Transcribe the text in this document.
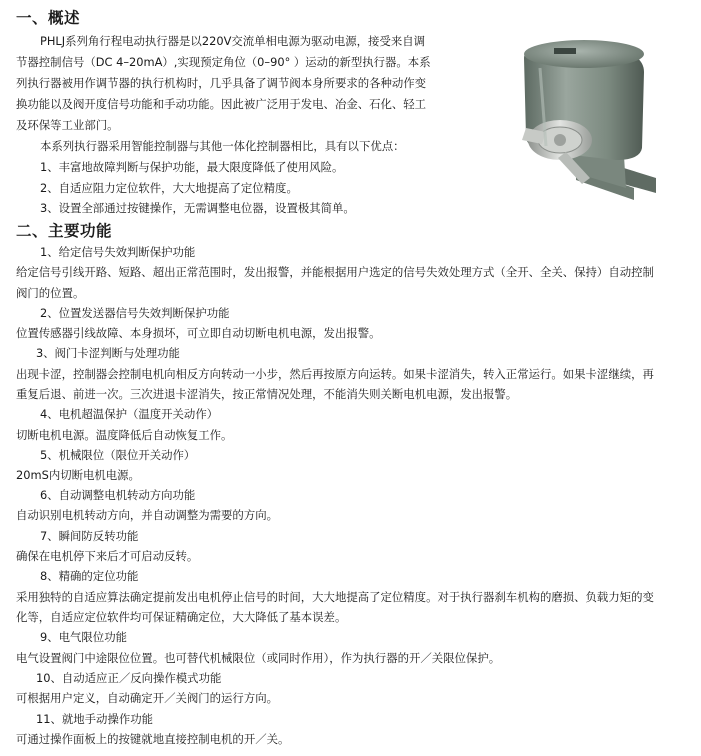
一、概述
PHLJ系列角行程电动执行器是以220V交流单相电源为驱动电源，接受来自调
节器控制信号（DC 4–20mA）,实现预定角位（0–90° ）运动的新型执行器。本系
列执行器被用作调节器的执行机构时，几乎具备了调节阀本身所要求的各种动作变
换功能以及阀开度信号功能和手动功能。因此被广泛用于发电、冶金、石化、轻工
及环保等工业部门。
本系列执行器采用智能控制器与其他一体化控制器相比，具有以下优点：
1、丰富地故障判断与保护功能，最大限度降低了使用风险。
2、自适应阻力定位软件，大大地提高了定位精度。
3、设置全部通过按键操作，无需调整电位器，设置极其简单。
二、主要功能
1、给定信号失效判断保护功能
给定信号引线开路、短路、超出正常范围时，发出报警，并能根据用户选定的信号失效处理方式（全开、全关、保持）自动控制
阀门的位置。
2、位置发送器信号失效判断保护功能
位置传感器引线故障、本身损坏，可立即自动切断电机电源，发出报警。
3、阀门卡涩判断与处理功能
出现卡涩，控制器会控制电机向相反方向转动一小步，然后再按原方向运转。如果卡涩消失，转入正常运行。如果卡涩继续，再
重复后退、前进一次。三次进退卡涩消失，按正常情况处理，不能消失则关断电机电源，发出报警。
4、电机超温保护（温度开关动作）
切断电机电源。温度降低后自动恢复工作。
5、机械限位（限位开关动作）
20mS内切断电机电源。
6、自动调整电机转动方向功能
自动识别电机转动方向，并自动调整为需要的方向。
7、瞬间防反转功能
确保在电机停下来后才可启动反转。
8、精确的定位功能
采用独特的自适应算法确定提前发出电机停止信号的时间，大大地提高了定位精度。对于执行器刹车机构的磨损、负载力矩的变
化等，自适应定位软件均可保证精确定位，大大降低了基本误差。
9、电气限位功能
电气设置阀门中途限位位置。也可替代机械限位（或同时作用），作为执行器的开／关限位保护。
10、自动适应正／反向操作模式功能
可根据用户定义，自动确定开／关阀门的运行方向。
11、就地手动操作功能
可通过操作面板上的按键就地直接控制电机的开／关。
